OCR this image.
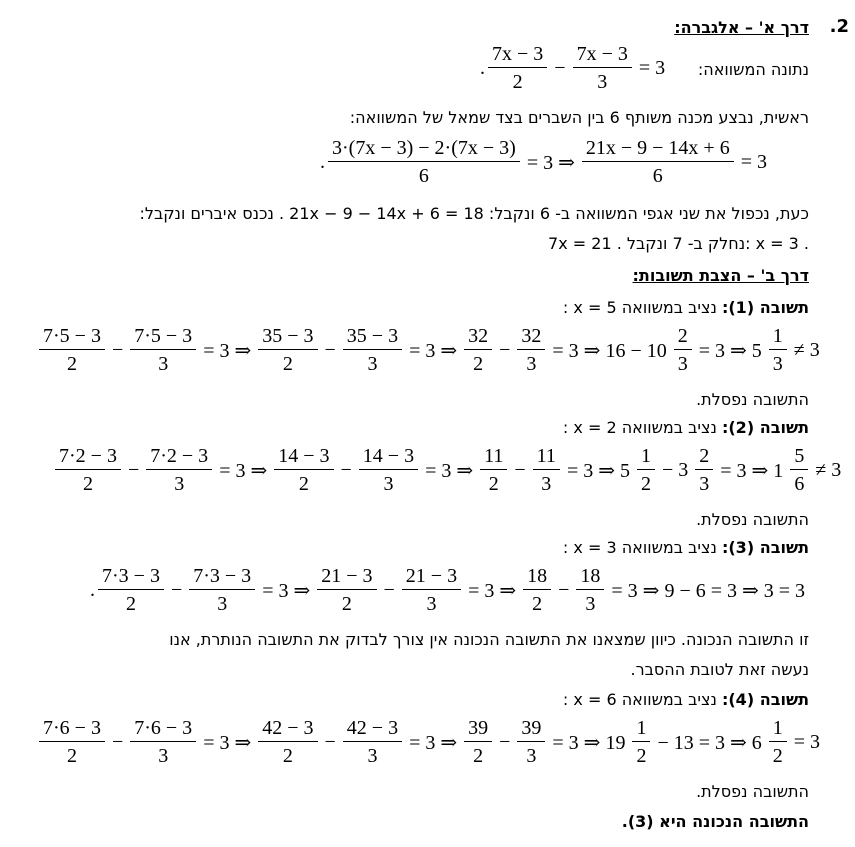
.2
דרך א' – אלגברה:
נתונה המשוואה:
. $\frac{7x - 3}{2} - \frac{7x - 3}{3} = 3$
ראשית, נבצע מכנה משותף 6 בין השברים בצד שמאל של המשוואה:
. $\frac{3\cdot(7x - 3) - 2\cdot(7x - 3)}{6} = 3$ ⇒ $\frac{21x - 9 - 14x + 6}{6} = 3$
כעת, נכפול את שני אגפי המשוואה ב- 6 ונקבל: 21x − 9 − 14x + 6 = 18 . נכנס איברים ונקבל:
7x = 21 . נחלק ב- 7 ונקבל: x = 3 .
דרך ב' – הצבת תשובות:
תשובה (1): נציב במשוואה x = 5 :
$\frac{7\cdot 5 - 3}{2} - \frac{7\cdot 5 - 3}{3} = 3$ ⇒ $\frac{35 - 3}{2} - \frac{35 - 3}{3} = 3$ ⇒ $\frac{32}{2} - \frac{32}{3} = 3$ ⇒ $16 - 10 \frac{2}{3} = 3$ ⇒ $5 \frac{1}{3} \ne 3$
התשובה נפסלת.
תשובה (2): נציב במשוואה x = 2 :
$\frac{7\cdot 2 - 3}{2} - \frac{7\cdot 2 - 3}{3} = 3$ ⇒ $\frac{14 - 3}{2} - \frac{14 - 3}{3} = 3$ ⇒ $\frac{11}{2} - \frac{11}{3} = 3$ ⇒ $5 \frac{1}{2} - 3 \frac{2}{3} = 3$ ⇒ $1 \frac{5}{6} \ne 3$
התשובה נפסלת.
תשובה (3): נציב במשוואה x = 3 :
. $\frac{7\cdot 3 - 3}{2} - \frac{7\cdot 3 - 3}{3} = 3$ ⇒ $\frac{21 - 3}{2} - \frac{21 - 3}{3} = 3$ ⇒ $\frac{18}{2} - \frac{18}{3} = 3$ ⇒ 9 − 6 = 3 ⇒ 3 = 3
זו התשובה הנכונה. כיוון שמצאנו את התשובה הנכונה אין צורך לבדוק את התשובה הנותרת, אנו
נעשה זאת לטובת ההסבר.
תשובה (4): נציב במשוואה x = 6 :
$\frac{7\cdot 6 - 3}{2} - \frac{7\cdot 6 - 3}{3} = 3$ ⇒ $\frac{42 - 3}{2} - \frac{42 - 3}{3} = 3$ ⇒ $\frac{39}{2} - \frac{39}{3} = 3$ ⇒ $19 \frac{1}{2} - 13 = 3$ ⇒ $6 \frac{1}{2} = 3$
התשובה נפסלת.
התשובה הנכונה היא (3).
